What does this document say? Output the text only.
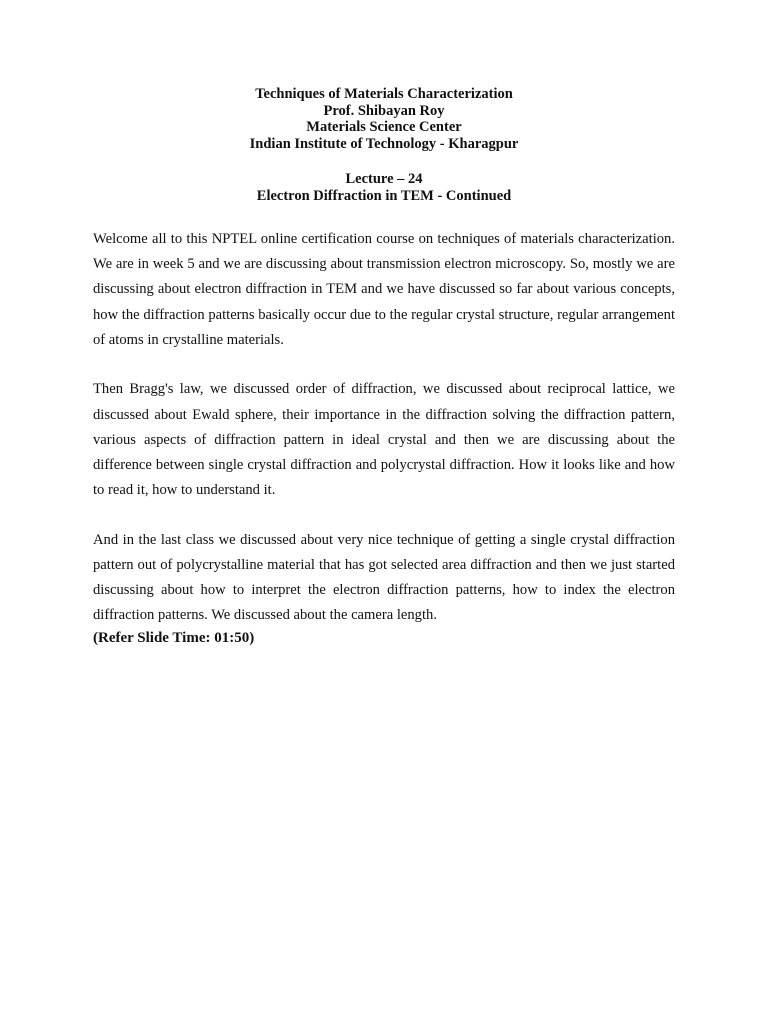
Techniques of Materials Characterization
Prof. Shibayan Roy
Materials Science Center
Indian Institute of Technology - Kharagpur
Lecture – 24
Electron Diffraction in TEM - Continued

Welcome all to this NPTEL online certification course on techniques of materials characterization. We are in week 5 and we are discussing about transmission electron microscopy. So, mostly we are discussing about electron diffraction in TEM and we have discussed so far about various concepts, how the diffraction patterns basically occur due to the regular crystal structure, regular arrangement of atoms in crystalline materials.

Then Bragg's law, we discussed order of diffraction, we discussed about reciprocal lattice, we discussed about Ewald sphere, their importance in the diffraction solving the diffraction pattern, various aspects of diffraction pattern in ideal crystal and then we are discussing about the difference between single crystal diffraction and polycrystal diffraction. How it looks like and how to read it, how to understand it.

And in the last class we discussed about very nice technique of getting a single crystal diffraction pattern out of polycrystalline material that has got selected area diffraction and then we just started discussing about how to interpret the electron diffraction patterns, how to index the electron diffraction patterns. We discussed about the camera length.

(Refer Slide Time: 01:50)
